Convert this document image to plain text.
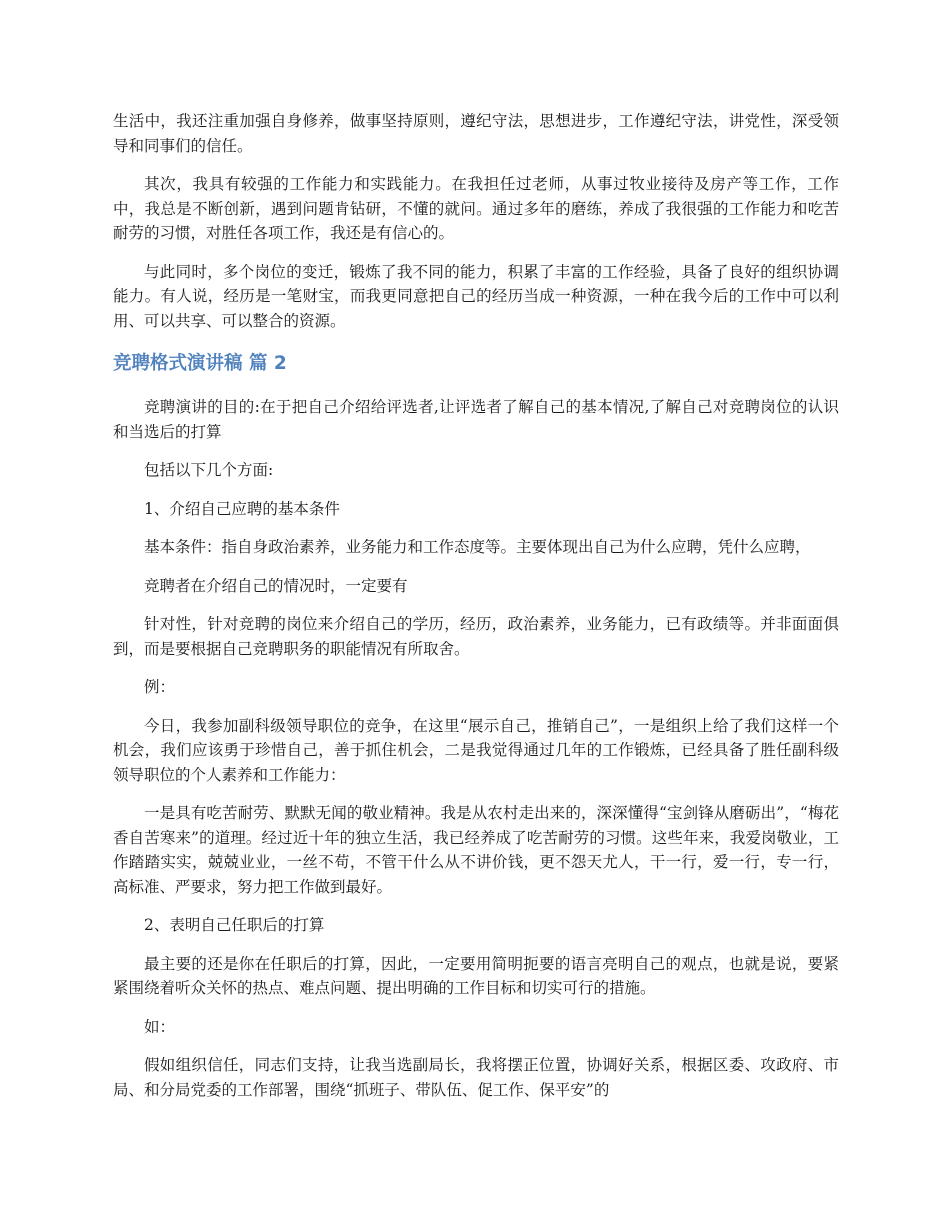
生活中，我还注重加强自身修养，做事坚持原则，遵纪守法，思想进步，工作遵纪守法，讲党性，深受领导和同事们的信任。

其次，我具有较强的工作能力和实践能力。在我担任过老师，从事过牧业接待及房产等工作，工作中，我总是不断创新，遇到问题肯钻研，不懂的就问。通过多年的磨练，养成了我很强的工作能力和吃苦耐劳的习惯，对胜任各项工作，我还是有信心的。

与此同时，多个岗位的变迁，锻炼了我不同的能力，积累了丰富的工作经验，具备了良好的组织协调能力。有人说，经历是一笔财宝，而我更同意把自己的经历当成一种资源，一种在我今后的工作中可以利用、可以共享、可以整合的资源。

竞聘格式演讲稿 篇 2

竞聘演讲的目的:在于把自己介绍给评选者,让评选者了解自己的基本情况,了解自己对竞聘岗位的认识和当选后的打算

包括以下几个方面:

1、介绍自己应聘的基本条件

基本条件：指自身政治素养，业务能力和工作态度等。主要体现出自己为什么应聘，凭什么应聘，

竞聘者在介绍自己的情况时，一定要有

针对性，针对竞聘的岗位来介绍自己的学历，经历，政治素养，业务能力，已有政绩等。并非面面俱到，而是要根据自己竞聘职务的职能情况有所取舍。

例：

今日，我参加副科级领导职位的竞争，在这里“展示自己，推销自己”，一是组织上给了我们这样一个机会，我们应该勇于珍惜自己，善于抓住机会，二是我觉得通过几年的工作锻炼，已经具备了胜任副科级领导职位的个人素养和工作能力：

一是具有吃苦耐劳、默默无闻的敬业精神。我是从农村走出来的，深深懂得“宝剑锋从磨砺出”，“梅花香自苦寒来”的道理。经过近十年的独立生活，我已经养成了吃苦耐劳的习惯。这些年来，我爱岗敬业，工作踏踏实实，兢兢业业，一丝不苟，不管干什么从不讲价钱，更不怨天尤人，干一行，爱一行，专一行，高标准、严要求，努力把工作做到最好。

2、表明自己任职后的打算

最主要的还是你在任职后的打算，因此，一定要用简明扼要的语言亮明自己的观点，也就是说，要紧紧围绕着听众关怀的热点、难点问题、提出明确的工作目标和切实可行的措施。

如：

假如组织信任，同志们支持，让我当选副局长，我将摆正位置，协调好关系，根据区委、攻政府、市局、和分局党委的工作部署，围绕“抓班子、带队伍、促工作、保平安”的
